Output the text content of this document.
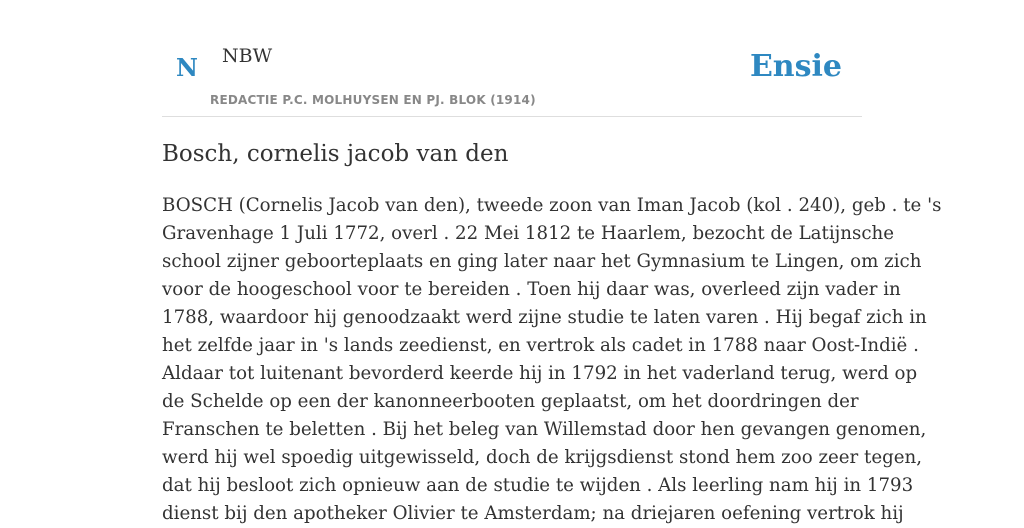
N NBW
REDACTIE P.C. MOLHUYSEN EN PJ. BLOK (1914)
Ensie
Bosch, cornelis jacob van den
BOSCH (Cornelis Jacob van den), tweede zoon van Iman Jacob (kol . 240), geb . te 's
Gravenhage 1 Juli 1772, overl . 22 Mei 1812 te Haarlem, bezocht de Latijnsche
school zijner geboorteplaats en ging later naar het Gymnasium te Lingen, om zich
voor de hoogeschool voor te bereiden . Toen hij daar was, overleed zijn vader in
1788, waardoor hij genoodzaakt werd zijne studie te laten varen . Hij begaf zich in
het zelfde jaar in 's lands zeedienst, en vertrok als cadet in 1788 naar Oost-Indië .
Aldaar tot luitenant bevorderd keerde hij in 1792 in het vaderland terug, werd op
de Schelde op een der kanonneerbooten geplaatst, om het doordringen der
Franschen te beletten . Bij het beleg van Willemstad door hen gevangen genomen,
werd hij wel spoedig uitgewisseld, doch de krijgsdienst stond hem zoo zeer tegen,
dat hij besloot zich opnieuw aan de studie te wijden . Als leerling nam hij in 1793
dienst bij den apotheker Olivier te Amsterdam; na driejaren oefening vertrok hij
